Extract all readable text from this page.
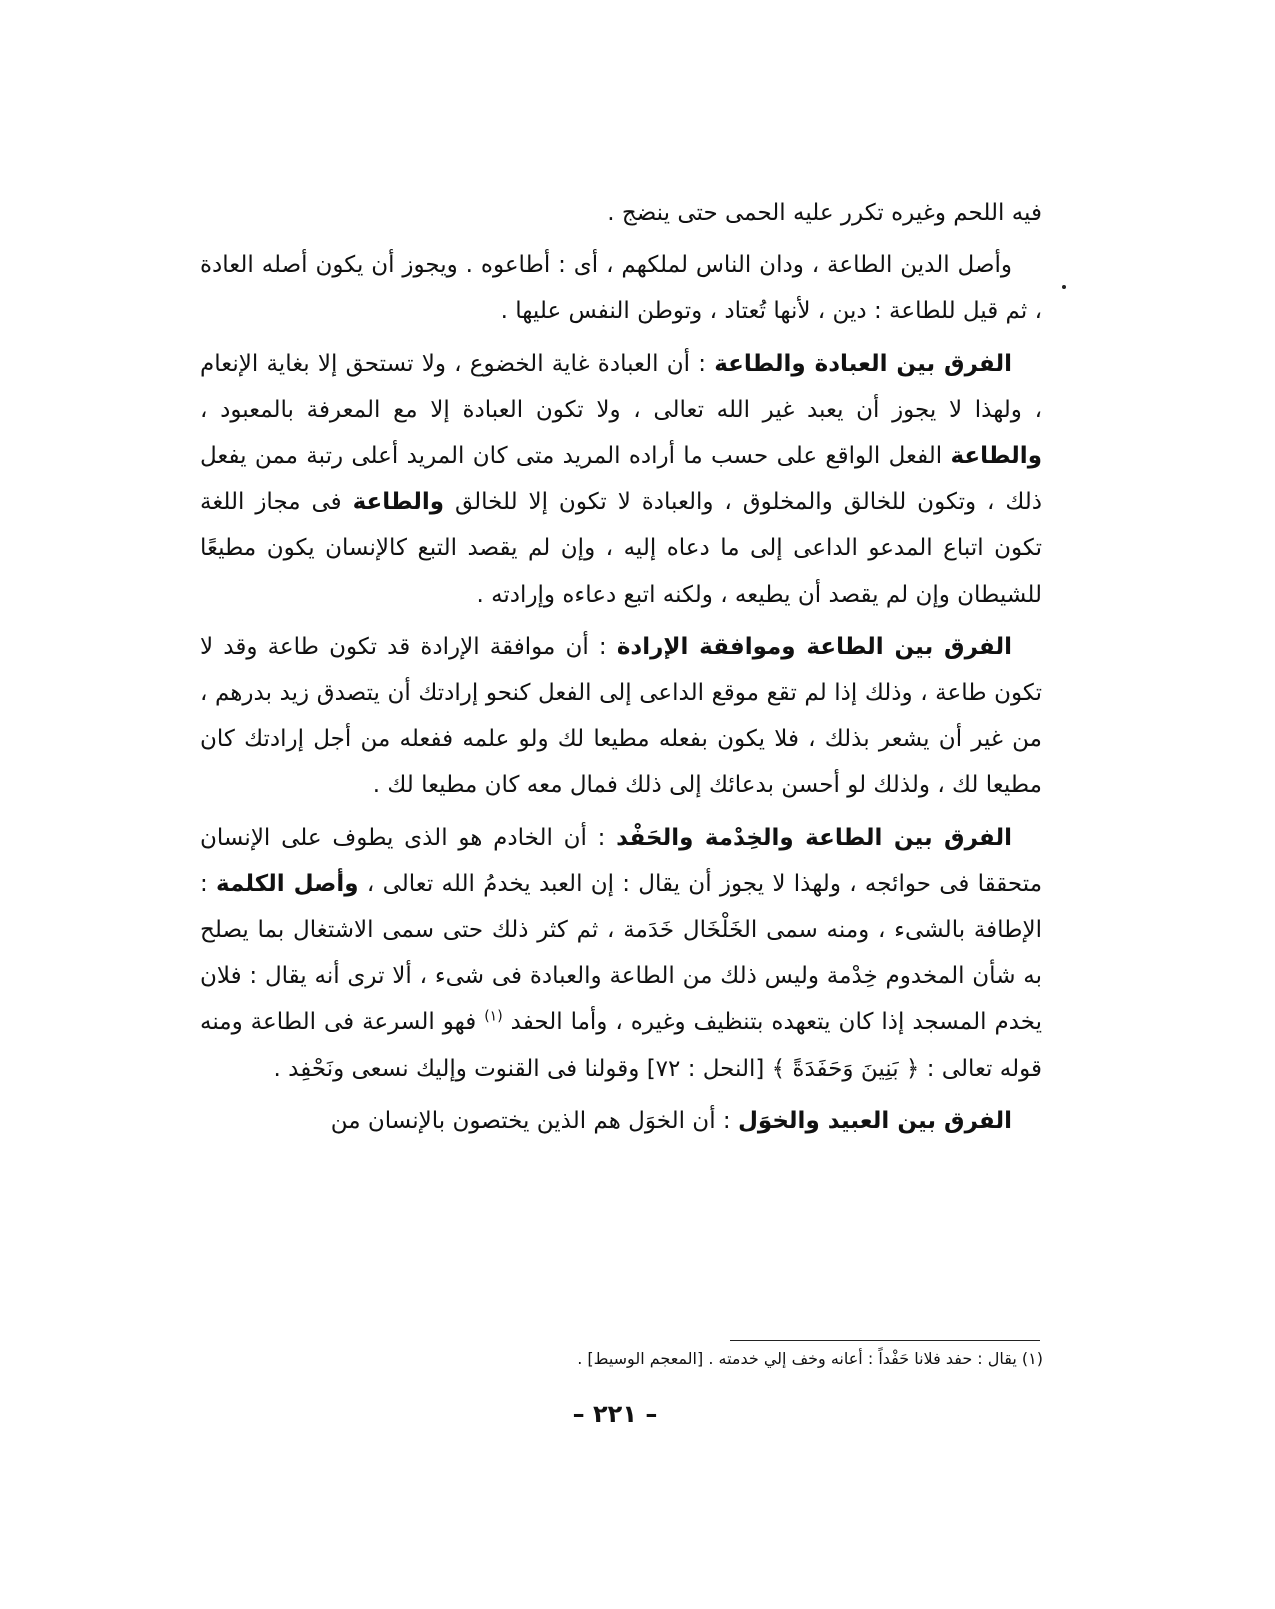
فيه اللحم وغيره تكرر عليه الحمى حتى ينضج .

وأصل الدين الطاعة ، ودان الناس لملكهم ، أى : أطاعوه . ويجوز أن يكون أصله العادة ، ثم قيل للطاعة : دين ، لأنها تُعتاد ، وتوطن النفس عليها .

الفرق بين العبادة والطاعة : أن العبادة غاية الخضوع ، ولا تستحق إلا بغاية الإنعام ، ولهذا لا يجوز أن يعبد غير الله تعالى ، ولا تكون العبادة إلا مع المعرفة بالمعبود ، والطاعة الفعل الواقع على حسب ما أراده المريد متى كان المريد أعلى رتبة ممن يفعل ذلك ، وتكون للخالق والمخلوق ، والعبادة لا تكون إلا للخالق والطاعة فى مجاز اللغة تكون اتباع المدعو الداعى إلى ما دعاه إليه ، وإن لم يقصد التبع كالإنسان يكون مطيعًا للشيطان وإن لم يقصد أن يطيعه ، ولكنه اتبع دعاءه وإرادته .

الفرق بين الطاعة وموافقة الإرادة : أن موافقة الإرادة قد تكون طاعة وقد لا تكون طاعة ، وذلك إذا لم تقع موقع الداعى إلى الفعل كنحو إرادتك أن يتصدق زيد بدرهم ، من غير أن يشعر بذلك ، فلا يكون بفعله مطيعا لك ولو علمه ففعله من أجل إرادتك كان مطيعا لك ، ولذلك لو أحسن بدعائك إلى ذلك فمال معه كان مطيعا لك .

الفرق بين الطاعة والخِدْمة والحَفْد : أن الخادم هو الذى يطوف على الإنسان متحققا فى حوائجه ، ولهذا لا يجوز أن يقال : إن العبد يخدمُ الله تعالى ، وأصل الكلمة : الإطافة بالشىء ، ومنه سمى الخَلْخَال خَدَمة ، ثم كثر ذلك حتى سمى الاشتغال بما يصلح به شأن المخدوم خِدْمة وليس ذلك من الطاعة والعبادة فى شىء ، ألا ترى أنه يقال : فلان يخدم المسجد إذا كان يتعهده بتنظيف وغيره ، وأما الحفد $^{(١)}$ فهو السرعة فى الطاعة ومنه قوله تعالى : ﴿ بَنِينَ وَحَفَدَةً ﴾ [النحل : ٧٢] وقولنا فى القنوت وإليك نسعى ونَحْفِد .

الفرق بين العبيد والخوَل : أن الخوَل هم الذين يختصون بالإنسان من

(١) يقال : حفد فلانا حَفْداً : أعانه وخف إلي خدمته . [المعجم الوسيط] .
– ٢٢١ –
